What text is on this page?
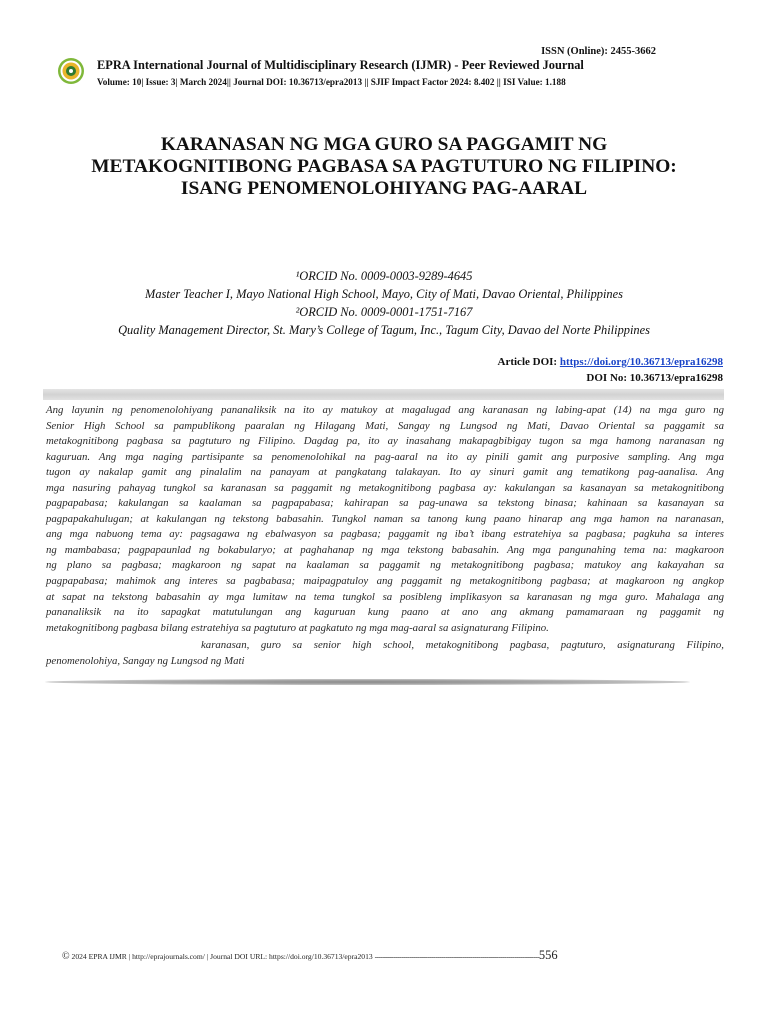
ISSN (Online): 2455-3662
EPRA International Journal of Multidisciplinary Research (IJMR) - Peer Reviewed Journal
Volume: 10| Issue: 3| March 2024|| Journal DOI: 10.36713/epra2013 || SJIF Impact Factor 2024: 8.402 || ISI Value: 1.188
KARANASAN NG MGA GURO SA PAGGAMIT NG
METAKOGNITIBONG PAGBASA SA PAGTUTURO NG FILIPINO:
ISANG PENOMENOLOHIYANG PAG-AARAL
¹ORCID No. 0009-0003-9289-4645
Master Teacher I, Mayo National High School, Mayo, City of Mati, Davao Oriental, Philippines
²ORCID No. 0009-0001-1751-7167
Quality Management Director, St. Mary’s College of Tagum, Inc., Tagum City, Davao del Norte Philippines
Article DOI: https://doi.org/10.36713/epra16298
DOI No: 10.36713/epra16298
Ang layunin ng penomenolohiyang pananaliksik na ito ay matukoy at magalugad ang karanasan ng labing-apat (14) na mga guro ng
Senior High School sa pampublikong paaralan ng Hilagang Mati, Sangay ng Lungsod ng Mati, Davao Oriental sa paggamit sa
metakognitibong pagbasa sa pagtuturo ng Filipino. Dagdag pa, ito ay inasahang makapagbibigay tugon sa mga hamong naranasan ng
kaguruan. Ang mga naging partisipante sa penomenolohikal na pag-aaral na ito ay pinili gamit ang purposive sampling. Ang mga
tugon ay nakalap gamit ang pinalalim na panayam at pangkatang talakayan. Ito ay sinuri gamit ang tematikong pag-aanalisa. Ang
mga nasuring pahayag tungkol sa karanasan sa paggamit ng metakognitibong pagbasa ay: kakulangan sa kasanayan sa metakognitibong
pagpapabasa; kakulangan sa kaalaman sa pagpapabasa; kahirapan sa pag-unawa sa tekstong binasa; kahinaan sa kasanayan sa
pagpapakahulugan; at kakulangan ng tekstong babasahin. Tungkol naman sa tanong kung paano hinarap ang mga hamon na naranasan,
ang mga nabuong tema ay: pagsagawa ng ebalwasyon sa pagbasa; paggamit ng iba’t ibang estratehiya sa pagbasa; pagkuha sa interes
ng mambabasa; pagpapaunlad ng bokabularyo; at paghahanap ng mga tekstong babasahin. Ang mga pangunahing tema na: magkaroon
ng plano sa pagbasa; magkaroon ng sapat na kaalaman sa paggamit ng metakognitibong pagbasa; matukoy ang kakayahan sa
pagpapabasa; mahimok ang interes sa pagbabasa; maipagpatuloy ang paggamit ng metakognitibong pagbasa; at magkaroon ng angkop
at sapat na tekstong babasahin ay mga lumitaw na tema tungkol sa posibleng implikasyon sa karanasan ng mga guro. Mahalaga ang
pananaliksik na ito sapagkat matutulungan ang kaguruan kung paano at ano ang akmang pamamaraan ng paggamit ng
metakognitibong pagbasa bilang estratehiya sa pagtuturo at pagkatuto ng mga mag-aaral sa asignaturang Filipino.
karanasan, guro sa senior high school, metakognitibong pagbasa, pagtuturo, asignaturang Filipino,
penomenolohiya, Sangay ng Lungsod ng Mati
© 2024 EPRA IJMR | http://eprajournals.com/ | Journal DOI URL: https://doi.org/10.36713/epra2013 ---------------------------------------------------------------------------------556
